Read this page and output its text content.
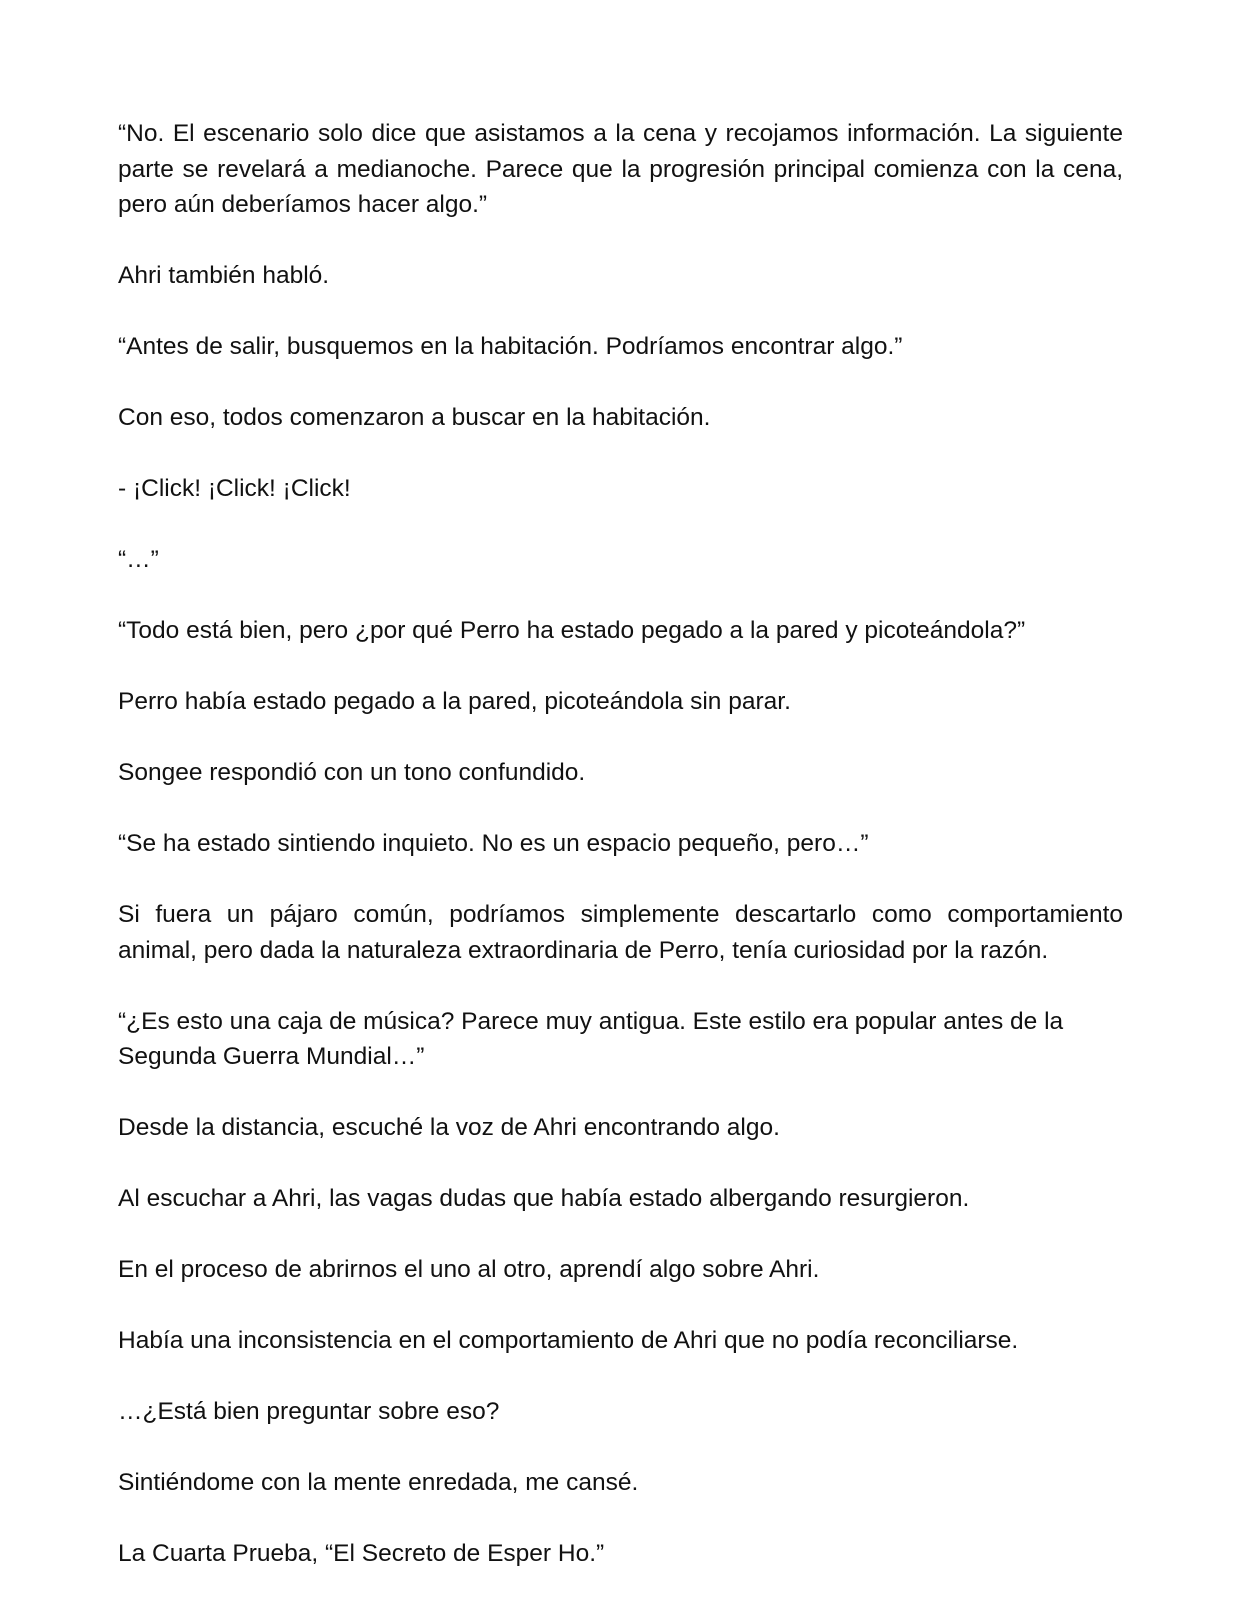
“No. El escenario solo dice que asistamos a la cena y recojamos información. La siguiente parte se revelará a medianoche. Parece que la progresión principal comienza con la cena, pero aún deberíamos hacer algo.”

Ahri también habló.

“Antes de salir, busquemos en la habitación. Podríamos encontrar algo.”

Con eso, todos comenzaron a buscar en la habitación.

- ¡Click! ¡Click! ¡Click!

“…”

“Todo está bien, pero ¿por qué Perro ha estado pegado a la pared y picoteándola?”

Perro había estado pegado a la pared, picoteándola sin parar.

Songee respondió con un tono confundido.

“Se ha estado sintiendo inquieto. No es un espacio pequeño, pero…”

Si fuera un pájaro común, podríamos simplemente descartarlo como comportamiento animal, pero dada la naturaleza extraordinaria de Perro, tenía curiosidad por la razón.

“¿Es esto una caja de música? Parece muy antigua. Este estilo era popular antes de la Segunda Guerra Mundial…”

Desde la distancia, escuché la voz de Ahri encontrando algo.

Al escuchar a Ahri, las vagas dudas que había estado albergando resurgieron.

En el proceso de abrirnos el uno al otro, aprendí algo sobre Ahri.

Había una inconsistencia en el comportamiento de Ahri que no podía reconciliarse.

…¿Está bien preguntar sobre eso?

Sintiéndome con la mente enredada, me cansé.

La Cuarta Prueba, “El Secreto de Esper Ho.”
